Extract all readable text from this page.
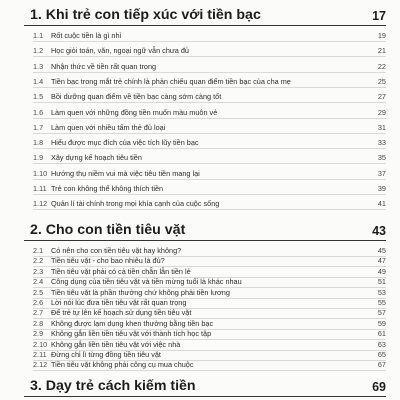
1. Khi trẻ con tiếp xúc với tiền bạc	17
1.1 Rốt cuộc tiền là gì nhỉ	19
1.2 Học giỏi toán, văn, ngoại ngữ vẫn chưa đủ	21
1.3 Nhận thức về tiền rất quan trọng	22
1.4 Tiền bạc trong mắt trẻ chính là phản chiếu quan điểm tiền bạc của cha mẹ	25
1.5 Bồi dưỡng quan điểm về tiền bạc càng sớm càng tốt	27
1.6 Làm quen với những đồng tiền muốn màu muôn vẻ	29
1.7 Làm quen với nhiều tấm thẻ đủ loại	31
1.8 Hiểu được mục đích của việc tích lũy tiền bạc	33
1.9 Xây dựng kế hoạch tiêu tiền	35
1.10 Hướng thụ niềm vui mà việc tiêu tiền mang lại	37
1.11 Trẻ con không thể không thích tiền	39
1.12 Quản lí tài chính trong mọi khía cạnh của cuộc sống	41
2. Cho con tiền tiêu vặt	43
2.1 Có nên cho con tiền tiêu vặt hay không?	45
2.2 Tiền tiêu vặt - cho bao nhiêu là đủ?	47
2.3 Tiền tiêu vặt phải có cả tiền chẵn lẫn tiền lẻ	49
2.4 Công dụng của tiền tiêu vặt và tiền mừng tuổi là khác nhau	51
2.5 Tiền tiêu vặt là phần thưởng chứ không phải tiền lương	53
2.6 Lời nói lúc đưa tiền tiêu vặt rất quan trọng	55
2.7 Để trẻ tự lên kế hoạch sử dụng tiền tiêu vặt	57
2.8 Không được lạm dụng khen thưởng bằng tiền bạc	59
2.9 Không gắn liền tiền tiêu vặt với thành tích học tập	61
2.10 Không gắn liền tiền tiêu vặt với việc nhà	63
2.11 Đừng chỉ lì từng đồng tiền tiêu vặt	65
2.12 Tiền tiêu vặt không phải công cụ mua chuộc	67
3. Dạy trẻ cách kiếm tiền	69
